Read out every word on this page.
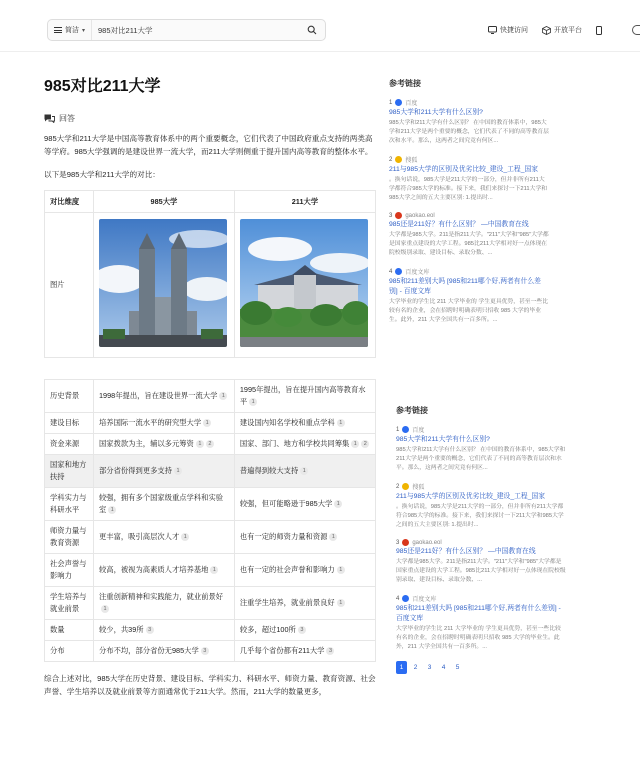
简洁 ▾	985对比211大学	快捷访问	开放平台
985对比211大学
回答
985大学和211大学是中国高等教育体系中的两个重要概念，它们代表了中国政府重点支持的两类高等学府。985大学强调的是建设世界一流大学，而211大学则侧重于提升国内高等教育的整体水平。
以下是985大学和211大学的对比：
对比维度	985大学	211大学
图片		

历史背景	1998年提出，旨在建设世界一流大学 1	1995年提出，旨在提升国内高等教育水平 1
建设目标	培养国际一流水平的研究型大学 1	建设国内知名学校和重点学科 1
资金来源	国家拨款为主，辅以多元筹资 1 2	国家、部门、地方和学校共同筹集 1 2
国家和地方扶持	部分省份得到更多支持 1	普遍得到较大支持 1
学科实力与科研水平	较强，拥有多个国家级重点学科和实验室 1	较强，但可能略逊于985大学 1
师资力量与教育资源	更丰富，吸引高层次人才 1	也有一定的师资力量和资源 1
社会声誉与影响力	较高，被视为高素质人才培养基地 1	也有一定的社会声誉和影响力 1
学生培养与就业前景	注重创新精神和实践能力，就业前景好1	注重学生培养，就业前景良好 1
数量	较少，共39所 3	较多，超过100所 3
分布	分布不均，部分省份无985大学 3	几乎每个省份都有211大学 3
综合上述对比，985大学在历史背景、建设目标、学科实力、科研水平、师资力量、教育资源、社会声誉、学生培养以及就业前景等方面通常优于211大学。然而，211大学的数量更多，
参考链接
1 百度
985大学和211大学有什么区别?
985大学和211大学有什么区别？ 在中国的教育体系中，985大学和211大学是两个重要的概念，它们代表了不同的高等教育层次和水平。那么，这两者之间究竟有何区...
2 搜狐
211与985大学的区别及优劣比较_建设_工程_国家
。换句话说，985大学是211大学的一部分，但并非所有211大学都符合985大学的标准。接下来，我们来探讨一下211大学和985大学之间的五大主要区别: 1.提出时...
3 gaokao.eol
985还是211好？有什么区别？ —中国教育在线
大学都是985大学。211是指211大学。"211"大学和"985"大学都是国家重点建设的大学工程。985比211大学相对好一点体现在院校级别录取、建设目标、录取分数、...
4 百度文库
985和211差别大吗 [985和211哪个好,两者有什么差别] - 百度文库
大学毕业的学生比 211 大学毕业的 学生更具优势，甚至一些比较有名的企业，会在招聘时明确表明只招收 985 大学的毕业生。此外，211 大学全国共有一百多所。...
参考链接
1 百度
985大学和211大学有什么区别?
985大学和211大学有什么区别？ 在中国的教育体系中，985大学和211大学是两个重要的概念，它们代表了不同的高等教育层次和水平。那么，这两者之间究竟有何区...
2 搜狐
211与985大学的区别及优劣比较_建设_工程_国家
。换句话说，985大学是211大学的一部分，但并非所有211大学都符合985大学的标准。接下来，我们来探讨一下211大学和985大学之间的五大主要区别: 1.提出时...
3 gaokao.eol
985还是211好？有什么区别？ —中国教育在线
大学都是985大学。211是指211大学。"211"大学和"985"大学都是国家重点建设的大学工程。985比211大学相对好一点体现在院校级别录取、建设目标、录取分数、...
4 百度文库
985和211差别大吗 [985和211哪个好,两者有什么差别] - 百度文库
大学毕业的学生比 211 大学毕业的 学生更具优势，甚至一些比较有名的企业，会在招聘时明确表明只招收 985 大学的毕业生。此外，211 大学全国共有一百多所。...
1	2	3	4	5
